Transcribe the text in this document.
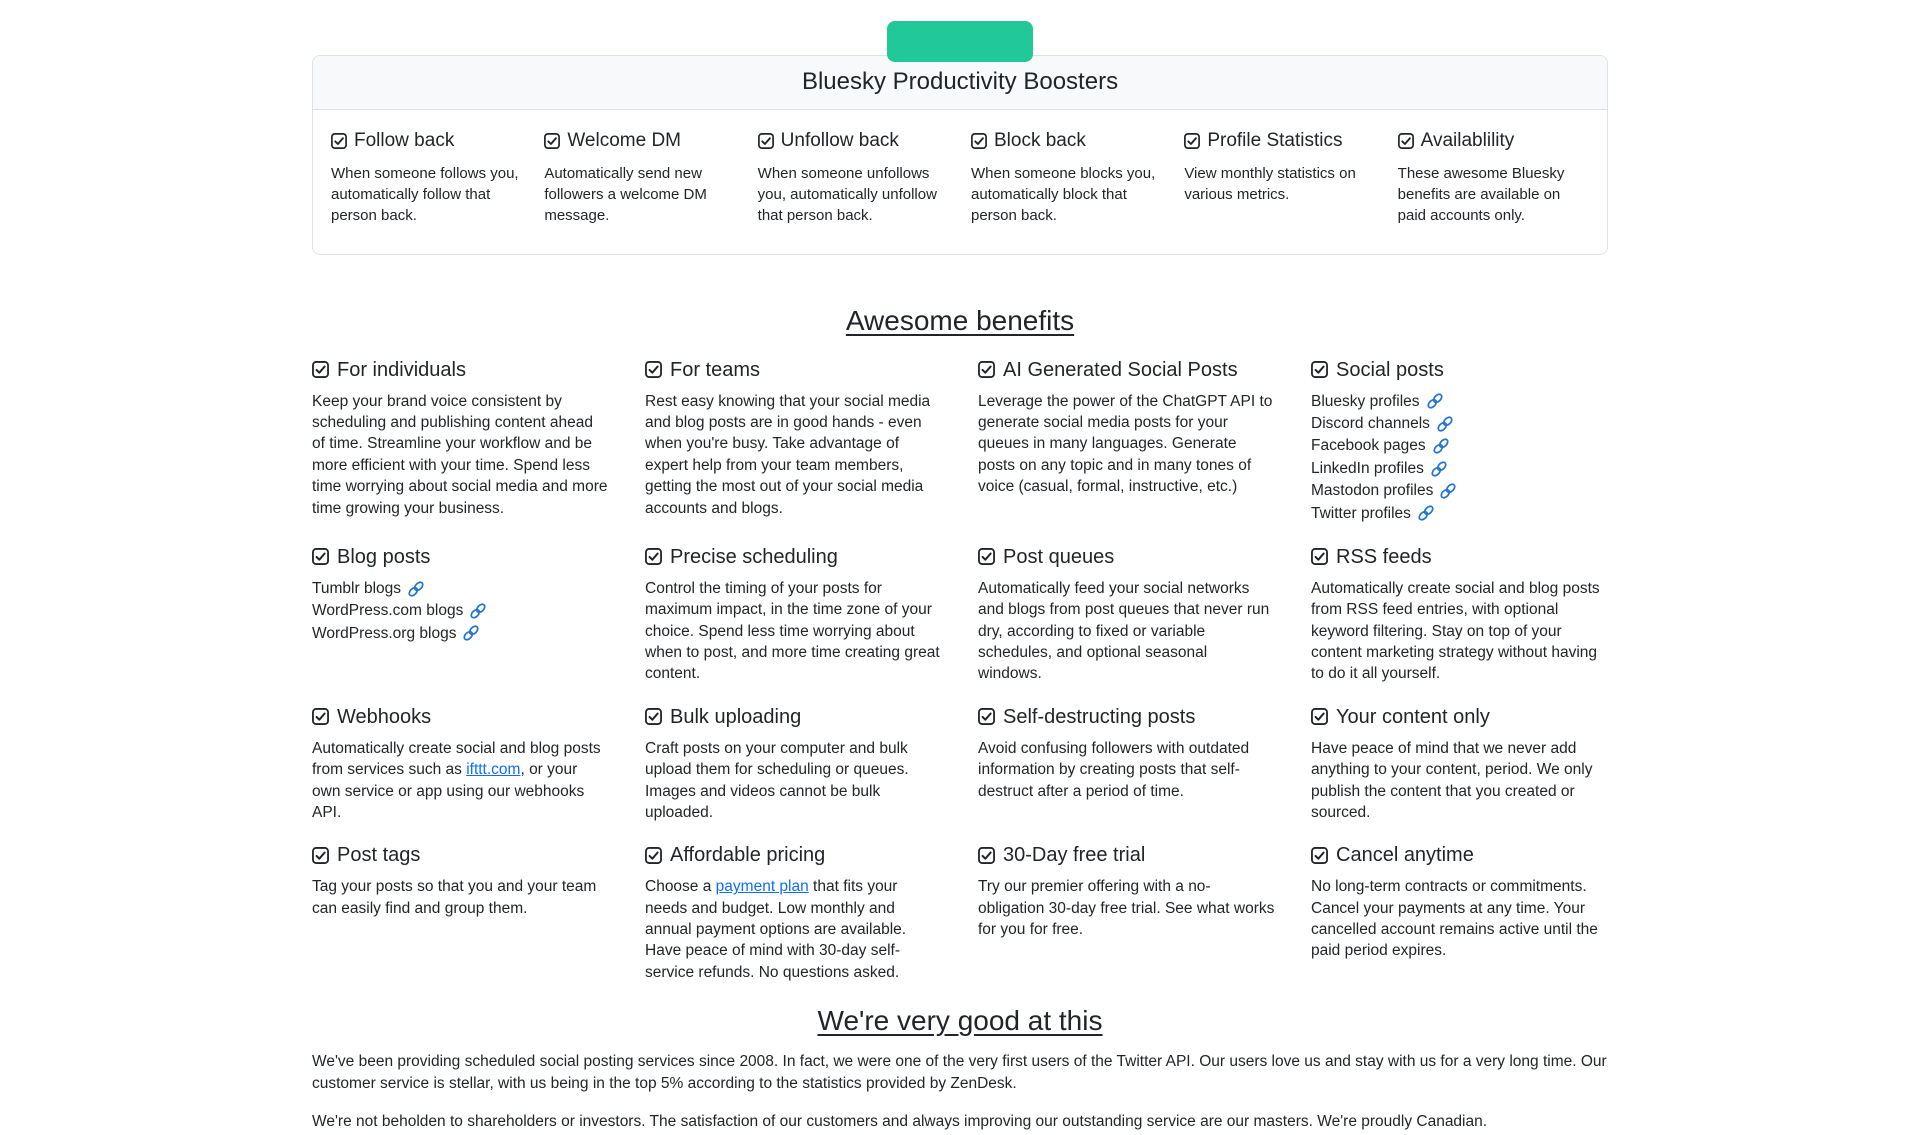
Bluesky Productivity Boosters
Follow back

When someone follows you, automatically follow that person back.

Welcome DM

Automatically send new followers a welcome DM message.

Unfollow back

When someone unfollows you, automatically unfollow that person back.

Block back

When someone blocks you, automatically block that person back.

Profile Statistics

View monthly statistics on various metrics.

Availablility

These awesome Bluesky benefits are available on paid accounts only.

Awesome benefits
For individuals

Keep your brand voice consistent by scheduling and publishing content ahead of time. Streamline your workflow and be more efficient with your time. Spend less time worrying about social media and more time growing your business.

For teams

Rest easy knowing that your social media and blog posts are in good hands - even when you're busy. Take advantage of expert help from your team members, getting the most out of your social media accounts and blogs.

AI Generated Social Posts

Leverage the power of the ChatGPT API to generate social media posts for your queues in many languages. Generate posts on any topic and in many tones of voice (casual, formal, instructive, etc.)

Social posts
Bluesky profiles
Discord channels
Facebook pages
LinkedIn profiles
Mastodon profiles
Twitter profiles
Blog posts
Tumblr blogs
WordPress.com blogs
WordPress.org blogs
Precise scheduling

Control the timing of your posts for maximum impact, in the time zone of your choice. Spend less time worrying about when to post, and more time creating great content.

Post queues

Automatically feed your social networks and blogs from post queues that never run dry, according to fixed or variable schedules, and optional seasonal windows.

RSS feeds

Automatically create social and blog posts from RSS feed entries, with optional keyword filtering. Stay on top of your content marketing strategy without having to do it all yourself.

Webhooks

Automatically create social and blog posts from services such as ifttt.com, or your own service or app using our webhooks API.

Bulk uploading

Craft posts on your computer and bulk upload them for scheduling or queues. Images and videos cannot be bulk uploaded.

Self-destructing posts

Avoid confusing followers with outdated information by creating posts that self-destruct after a period of time.

Your content only

Have peace of mind that we never add anything to your content, period. We only publish the content that you created or sourced.

Post tags

Tag your posts so that you and your team can easily find and group them.

Affordable pricing

Choose a payment plan that fits your needs and budget. Low monthly and annual payment options are available. Have peace of mind with 30-day self-service refunds. No questions asked.

30-Day free trial

Try our premier offering with a no-obligation 30-day free trial. See what works for you for free.

Cancel anytime

No long-term contracts or commitments. Cancel your payments at any time. Your cancelled account remains active until the paid period expires.

We're very good at this

We've been providing scheduled social posting services since 2008. In fact, we were one of the very first users of the Twitter API. Our users love us and stay with us for a very long time. Our customer service is stellar, with us being in the top 5% according to the statistics provided by ZenDesk.

We're not beholden to shareholders or investors. The satisfaction of our customers and always improving our outstanding service are our masters. We're proudly Canadian.
